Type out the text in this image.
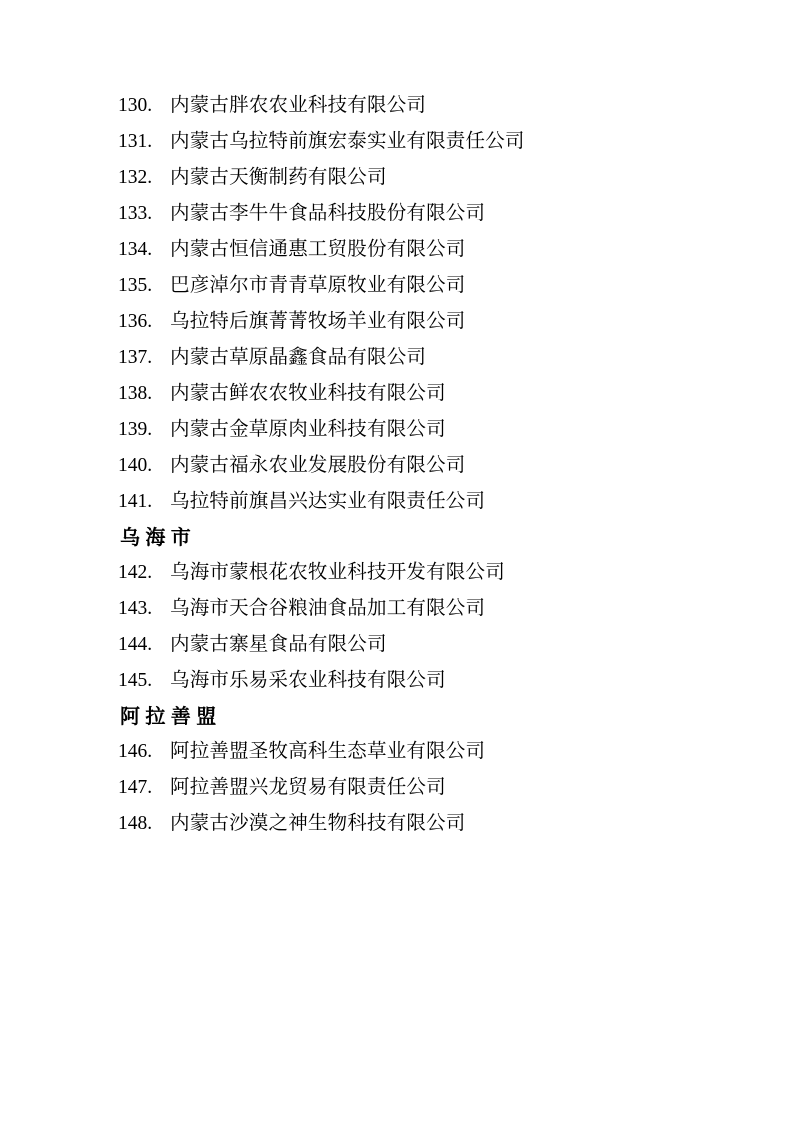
130. 内蒙古胖农农业科技有限公司
131. 内蒙古乌拉特前旗宏泰实业有限责任公司
132. 内蒙古天衡制药有限公司
133. 内蒙古李牛牛食品科技股份有限公司
134. 内蒙古恒信通惠工贸股份有限公司
135. 巴彦淖尔市青青草原牧业有限公司
136. 乌拉特后旗菁菁牧场羊业有限公司
137. 内蒙古草原晶鑫食品有限公司
138. 内蒙古鲜农农牧业科技有限公司
139. 内蒙古金草原肉业科技有限公司
140. 内蒙古福永农业发展股份有限公司
141. 乌拉特前旗昌兴达实业有限责任公司
乌 海 市
142. 乌海市蒙根花农牧业科技开发有限公司
143. 乌海市天合谷粮油食品加工有限公司
144. 内蒙古寨星食品有限公司
145. 乌海市乐易采农业科技有限公司
阿 拉 善 盟
146. 阿拉善盟圣牧高科生态草业有限公司
147. 阿拉善盟兴龙贸易有限责任公司
148. 内蒙古沙漠之神生物科技有限公司
